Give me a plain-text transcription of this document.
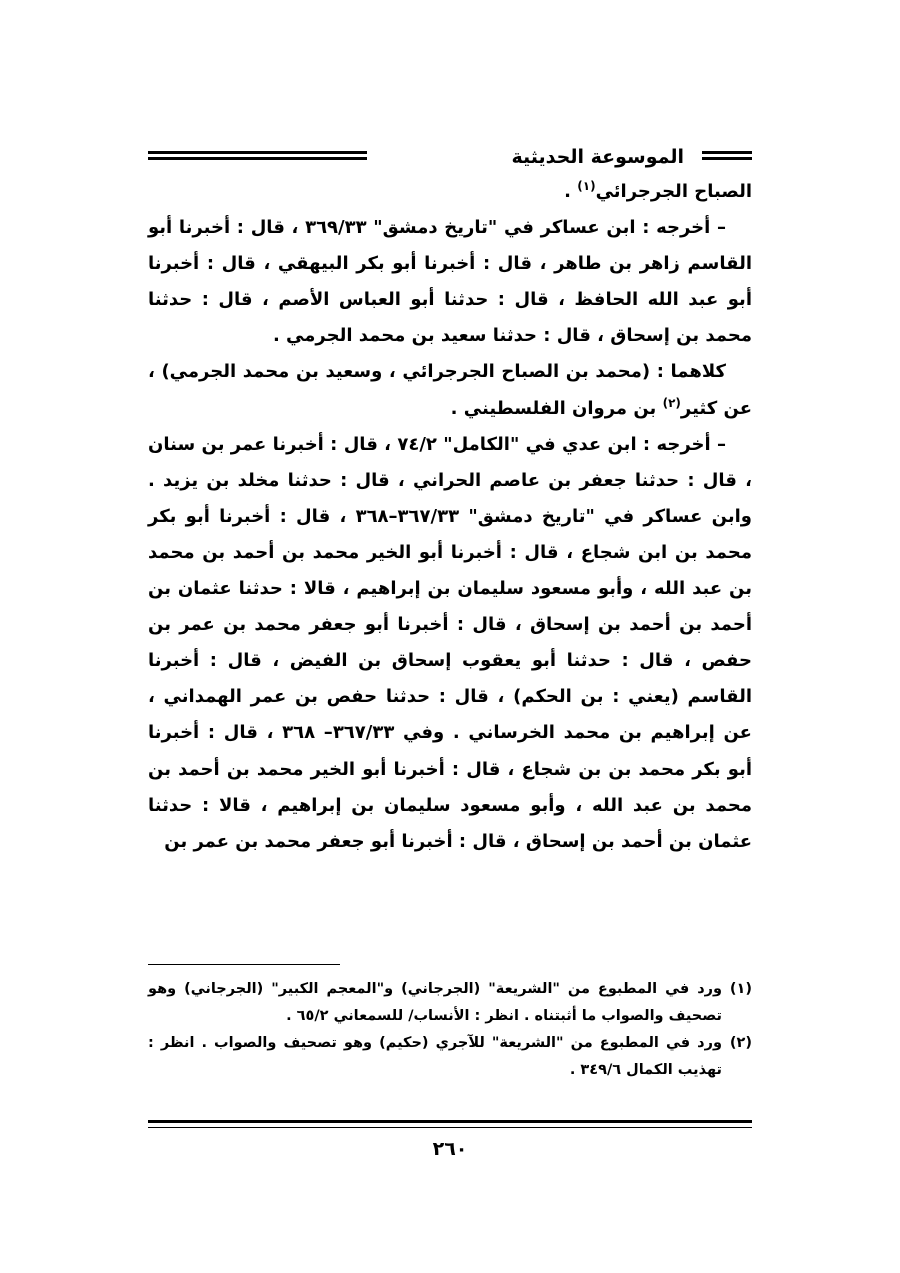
الموسوعة الحديثية

الصباح الجرجرائي$^{(١)}$ .

– أخرجه : ابن عساكر في "تاريخ دمشق" ٣٦٩/٣٣ ، قال : أخبرنا أبو القاسم زاهر بن طاهر ، قال : أخبرنا أبو بكر البيهقي ، قال : أخبرنا أبو عبد الله الحافظ ، قال : حدثنا أبو العباس الأصم ، قال : حدثنا محمد بن إسحاق ، قال : حدثنا سعيد بن محمد الجرمي .

كلاهما : (محمد بن الصباح الجرجرائي ، وسعيد بن محمد الجرمي) ، عن كثير$^{(٢)}$ بن مروان الفلسطيني .

– أخرجه : ابن عدي في "الكامل" ٧٤/٢ ، قال : أخبرنا عمر بن سنان ، قال : حدثنا جعفر بن عاصم الحراني ، قال : حدثنا مخلد بن يزيد . وابن عساكر في "تاريخ دمشق" ٣٦٧/٣٣–٣٦٨ ، قال : أخبرنا أبو بكر محمد بن ابن شجاع ، قال : أخبرنا أبو الخير محمد بن أحمد بن محمد بن عبد الله ، وأبو مسعود سليمان بن إبراهيم ، قالا : حدثنا عثمان بن أحمد بن أحمد بن إسحاق ، قال : أخبرنا أبو جعفر محمد بن عمر بن حفص ، قال : حدثنا أبو يعقوب إسحاق بن الفيض ، قال : أخبرنا القاسم (يعني : بن الحكم) ، قال : حدثنا حفص بن عمر الهمداني ، عن إبراهيم بن محمد الخرساني . وفي ٣٦٧/٣٣– ٣٦٨ ، قال : أخبرنا أبو بكر محمد بن بن شجاع ، قال : أخبرنا أبو الخير محمد بن أحمد بن محمد بن عبد الله ، وأبو مسعود سليمان بن إبراهيم ، قالا : حدثنا عثمان بن أحمد بن إسحاق ، قال : أخبرنا أبو جعفر محمد بن عمر بن

(١)
ورد في المطبوع من "الشريعة" (الجرجاني) و"المعجم الكبير" (الجرجاني) وهو تصحيف والصواب ما أثبتناه . انظر : الأنساب/ للسمعاني ٦٥/٢ .

(٢)
ورد في المطبوع من "الشريعة" للآجري (حكيم) وهو تصحيف والصواب . انظر : تهذيب الكمال ٣٤٩/٦ .

٢٦٠
